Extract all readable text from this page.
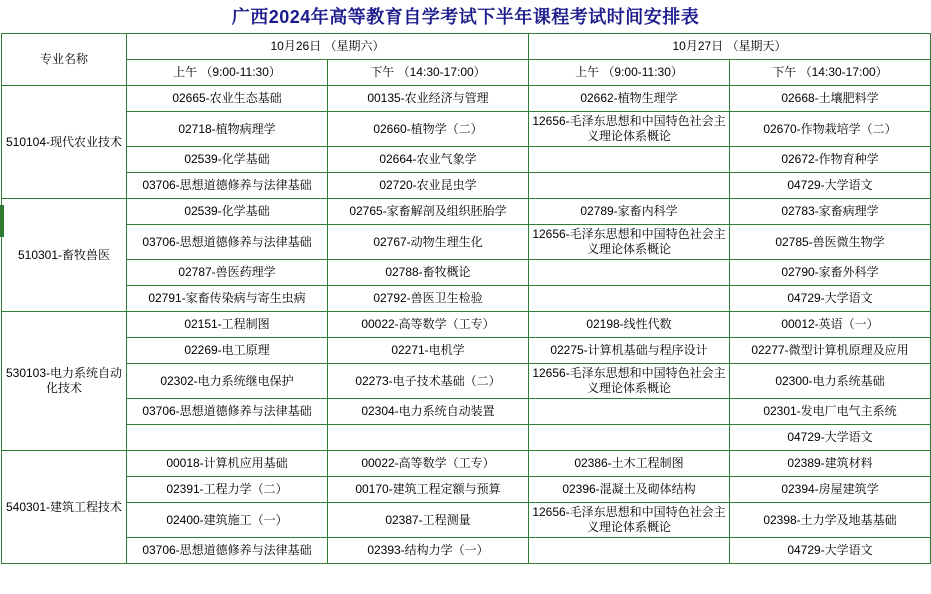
广西2024年高等教育自学考试下半年课程考试时间安排表
专业名称	10月26日 （星期六）		10月27日 （星期天）	
	上午 （9:00-11:30）	下午 （14:30-17:00）	上午 （9:00-11:30）	下午 （14:30-17:00）
510104-现代农业技术	02665-农业生态基础	00135-农业经济与管理	02662-植物生理学	02668-土壤肥料学
	02718-植物病理学	02660-植物学（二）	12656-毛泽东思想和中国特色社会主义理论体系概论	02670-作物栽培学（二）
	02539-化学基础	02664-农业气象学		02672-作物育种学
	03706-思想道德修养与法律基础	02720-农业昆虫学		04729-大学语文
510301-畜牧兽医	02539-化学基础	02765-家畜解剖及组织胚胎学	02789-家畜内科学	02783-家畜病理学
	03706-思想道德修养与法律基础	02767-动物生理生化	12656-毛泽东思想和中国特色社会主义理论体系概论	02785-兽医微生物学
	02787-兽医药理学	02788-畜牧概论		02790-家畜外科学
	02791-家畜传染病与寄生虫病	02792-兽医卫生检验		04729-大学语文
530103-电力系统自动化技术	02151-工程制图	00022-高等数学（工专）	02198-线性代数	00012-英语（一）
	02269-电工原理	02271-电机学	02275-计算机基础与程序设计	02277-微型计算机原理及应用
	02302-电力系统继电保护	02273-电子技术基础（二）	12656-毛泽东思想和中国特色社会主义理论体系概论	02300-电力系统基础
	03706-思想道德修养与法律基础	02304-电力系统自动装置		02301-发电厂电气主系统
				04729-大学语文
540301-建筑工程技术	00018-计算机应用基础	00022-高等数学（工专）	02386-土木工程制图	02389-建筑材料
	02391-工程力学（二）	00170-建筑工程定额与预算	02396-混凝土及砌体结构	02394-房屋建筑学
	02400-建筑施工（一）	02387-工程测量	12656-毛泽东思想和中国特色社会主义理论体系概论	02398-土力学及地基基础
	03706-思想道德修养与法律基础	02393-结构力学（一）		04729-大学语文
